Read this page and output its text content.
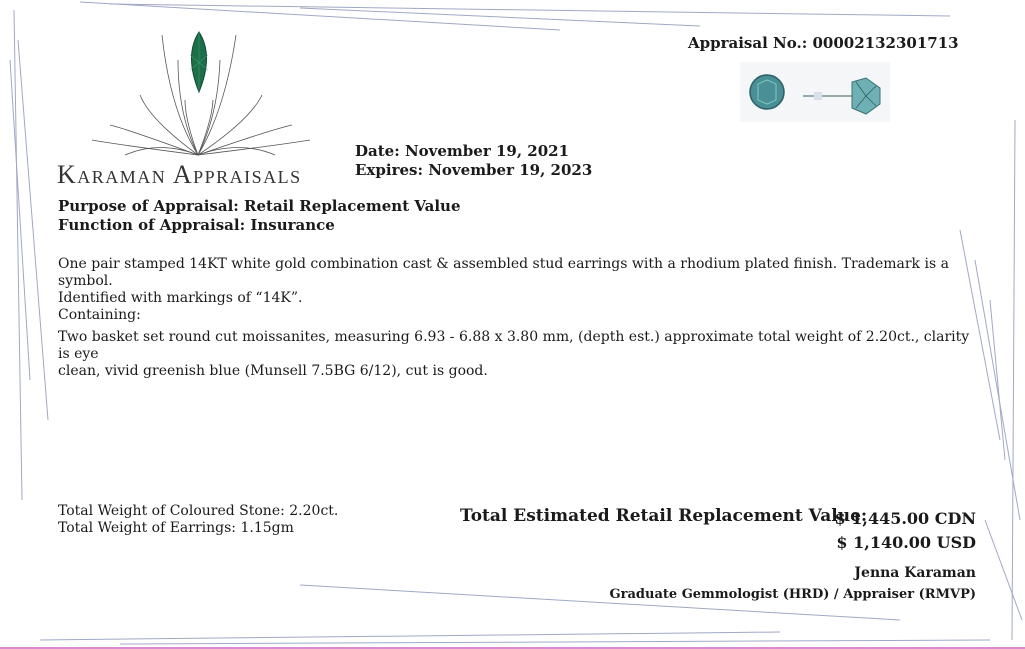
Karaman Appraisals
Appraisal No.: 00002132301713
Date: November 19, 2021
Expires: November 19, 2023
Purpose of Appraisal: Retail Replacement Value
Function of Appraisal: Insurance
One pair stamped 14KT white gold combination cast & assembled stud earrings with a rhodium plated finish. Trademark is a symbol.
Identified with markings of “14K”.
Containing:
Two basket set round cut moissanites, measuring 6.93 - 6.88 x 3.80 mm, (depth est.) approximate total weight of 2.20ct., clarity is eye
clean, vivid greenish blue (Munsell 7.5BG 6/12), cut is good.
Total Weight of Coloured Stone: 2.20ct.
Total Weight of Earrings: 1.15gm
Total Estimated Retail Replacement Value:
$ 1,445.00 CDN
$ 1,140.00 USD
Jenna Karaman
Graduate Gemmologist (HRD) / Appraiser (RMVP)
